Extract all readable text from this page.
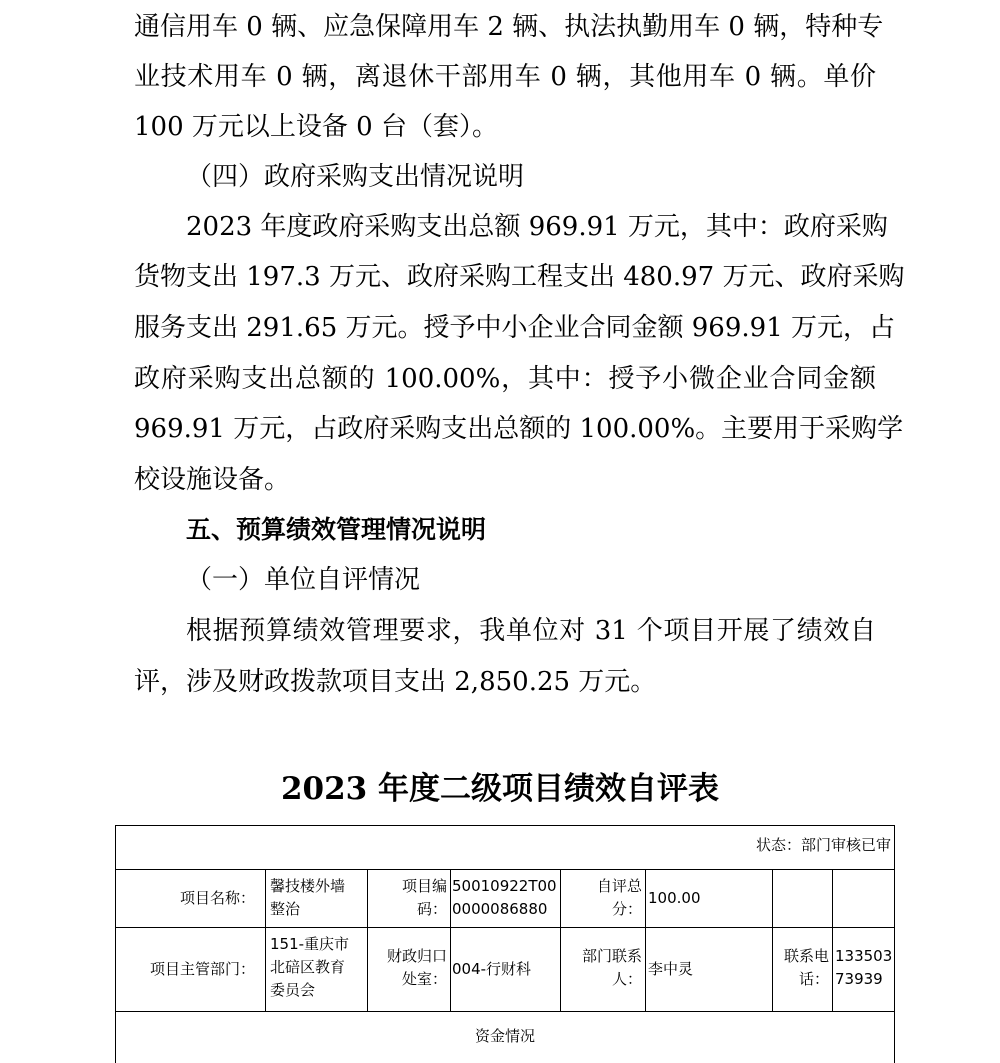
通信用车 0 辆、应急保障用车 2 辆、执法执勤用车 0 辆，特种专
业技术用车 0 辆，离退休干部用车 0 辆，其他用车 0 辆。单价
100 万元以上设备 0 台（套）。
（四）政府采购支出情况说明
2023 年度政府采购支出总额 969.91 万元，其中：政府采购
货物支出 197.3 万元、政府采购工程支出 480.97 万元、政府采购
服务支出 291.65 万元。授予中小企业合同金额 969.91 万元，占
政府采购支出总额的 100.00%，其中：授予小微企业合同金额
969.91 万元，占政府采购支出总额的 100.00%。主要用于采购学
校设施设备。
五、预算绩效管理情况说明
（一）单位自评情况
根据预算绩效管理要求，我单位对 31 个项目开展了绩效自
评，涉及财政拨款项目支出 2,850.25 万元。
2023 年度二级项目绩效自评表
状态：部门审核已审
项目名称：
馨技楼外墙
整治
项目编
码：
50010922T00
0000086880
自评总
分：
100.00
项目主管部门：
151-重庆市
北碚区教育
委员会
财政归口
处室：
004-行财科
部门联系
人：
李中灵
联系电
话：
133503
73939
资金情况
